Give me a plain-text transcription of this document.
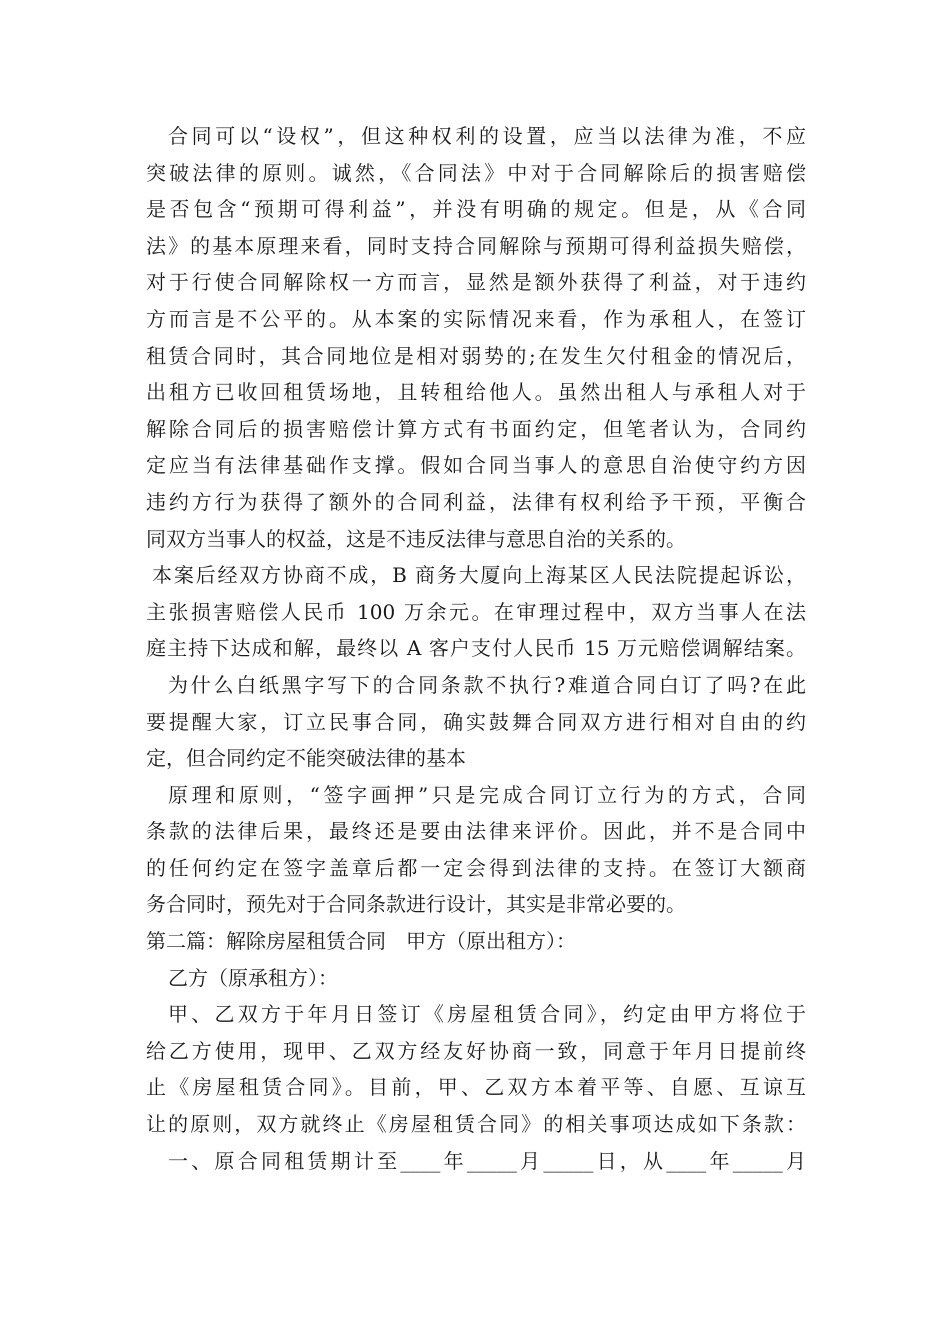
合同可以“设权”，但这种权利的设置，应当以法律为准，不应
突破法律的原则。诚然，《合同法》中对于合同解除后的损害赔偿
是否包含“预期可得利益”，并没有明确的规定。但是，从《合同
法》的基本原理来看，同时支持合同解除与预期可得利益损失赔偿，
对于行使合同解除权一方而言，显然是额外获得了利益，对于违约
方而言是不公平的。从本案的实际情况来看，作为承租人，在签订
租赁合同时，其合同地位是相对弱势的;在发生欠付租金的情况后，
出租方已收回租赁场地，且转租给他人。虽然出租人与承租人对于
解除合同后的损害赔偿计算方式有书面约定，但笔者认为，合同约
定应当有法律基础作支撑。假如合同当事人的意思自治使守约方因
违约方行为获得了额外的合同利益，法律有权利给予干预，平衡合
同双方当事人的权益，这是不违反法律与意思自治的关系的。
本案后经双方协商不成，B 商务大厦向上海某区人民法院提起诉讼，
主张损害赔偿人民币 100 万余元。在审理过程中，双方当事人在法
庭主持下达成和解，最终以 A 客户支付人民币 15 万元赔偿调解结案。
为什么白纸黑字写下的合同条款不执行?难道合同白订了吗?在此
要提醒大家，订立民事合同，确实鼓舞合同双方进行相对自由的约
定，但合同约定不能突破法律的基本
原理和原则，“签字画押”只是完成合同订立行为的方式，合同
条款的法律后果，最终还是要由法律来评价。因此，并不是合同中
的任何约定在签字盖章后都一定会得到法律的支持。在签订大额商
务合同时，预先对于合同条款进行设计，其实是非常必要的。
第二篇：解除房屋租赁合同　甲方（原出租方）：
乙方（原承租方）：
甲、乙双方于年月日签订《房屋租赁合同》，约定由甲方将位于
给乙方使用，现甲、乙双方经友好协商一致，同意于年月日提前终
止《房屋租赁合同》。目前，甲、乙双方本着平等、自愿、互谅互
让的原则，双方就终止《房屋租赁合同》的相关事项达成如下条款：
一、原合同租赁期计至____年_____月_____日，从____年_____月
